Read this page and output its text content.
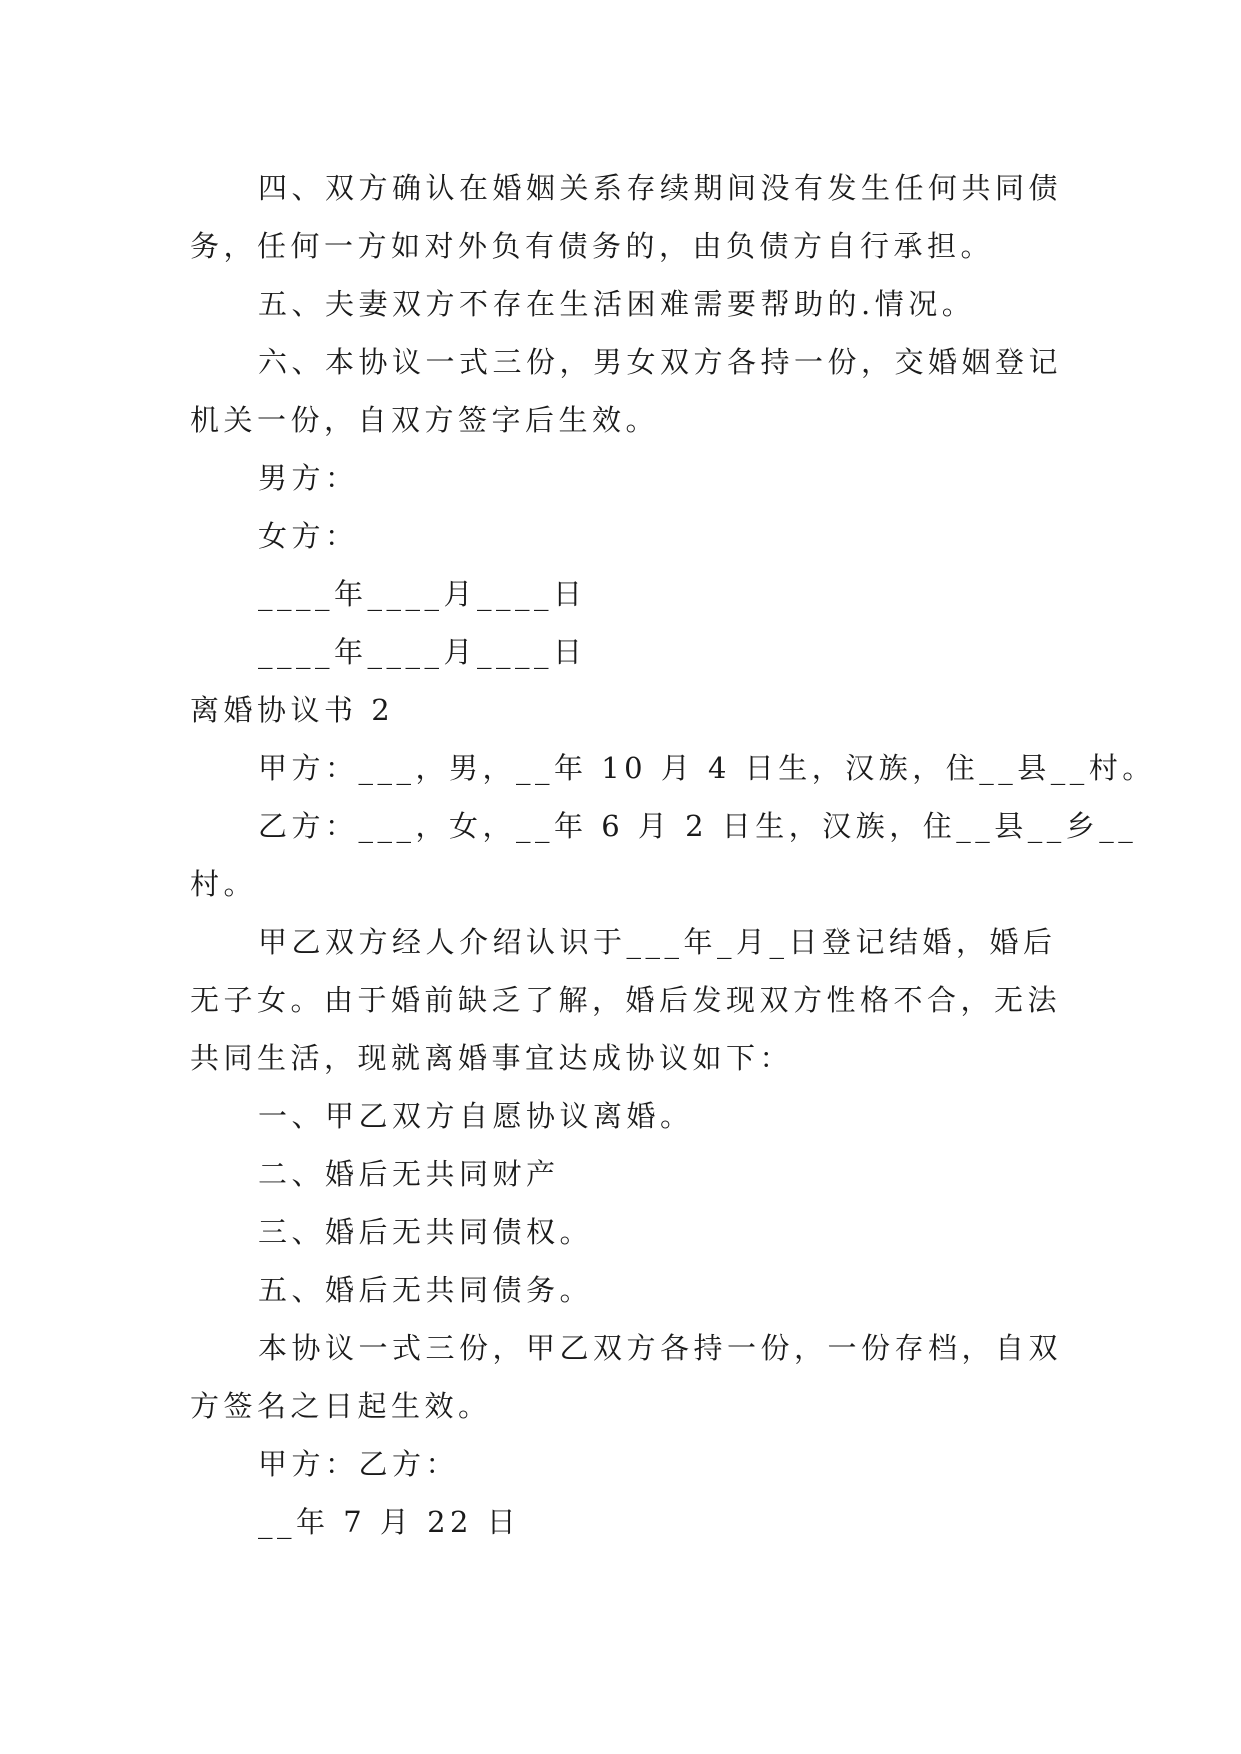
四、双方确认在婚姻关系存续期间没有发生任何共同债
务，任何一方如对外负有债务的，由负债方自行承担。
五、夫妻双方不存在生活困难需要帮助的.情况。
六、本协议一式三份，男女双方各持一份，交婚姻登记
机关一份，自双方签字后生效。
男方：
女方：
____年____月____日
____年____月____日
离婚协议书 2
甲方：___，男，__年 10 月 4 日生，汉族，住__县__村。
乙方：___，女，__年 6 月 2 日生，汉族，住__县__乡__
村。
甲乙双方经人介绍认识于___年_月_日登记结婚，婚后
无子女。由于婚前缺乏了解，婚后发现双方性格不合，无法
共同生活，现就离婚事宜达成协议如下：
一、甲乙双方自愿协议离婚。
二、婚后无共同财产
三、婚后无共同债权。
五、婚后无共同债务。
本协议一式三份，甲乙双方各持一份，一份存档，自双
方签名之日起生效。
甲方：乙方：
__年 7 月 22 日
